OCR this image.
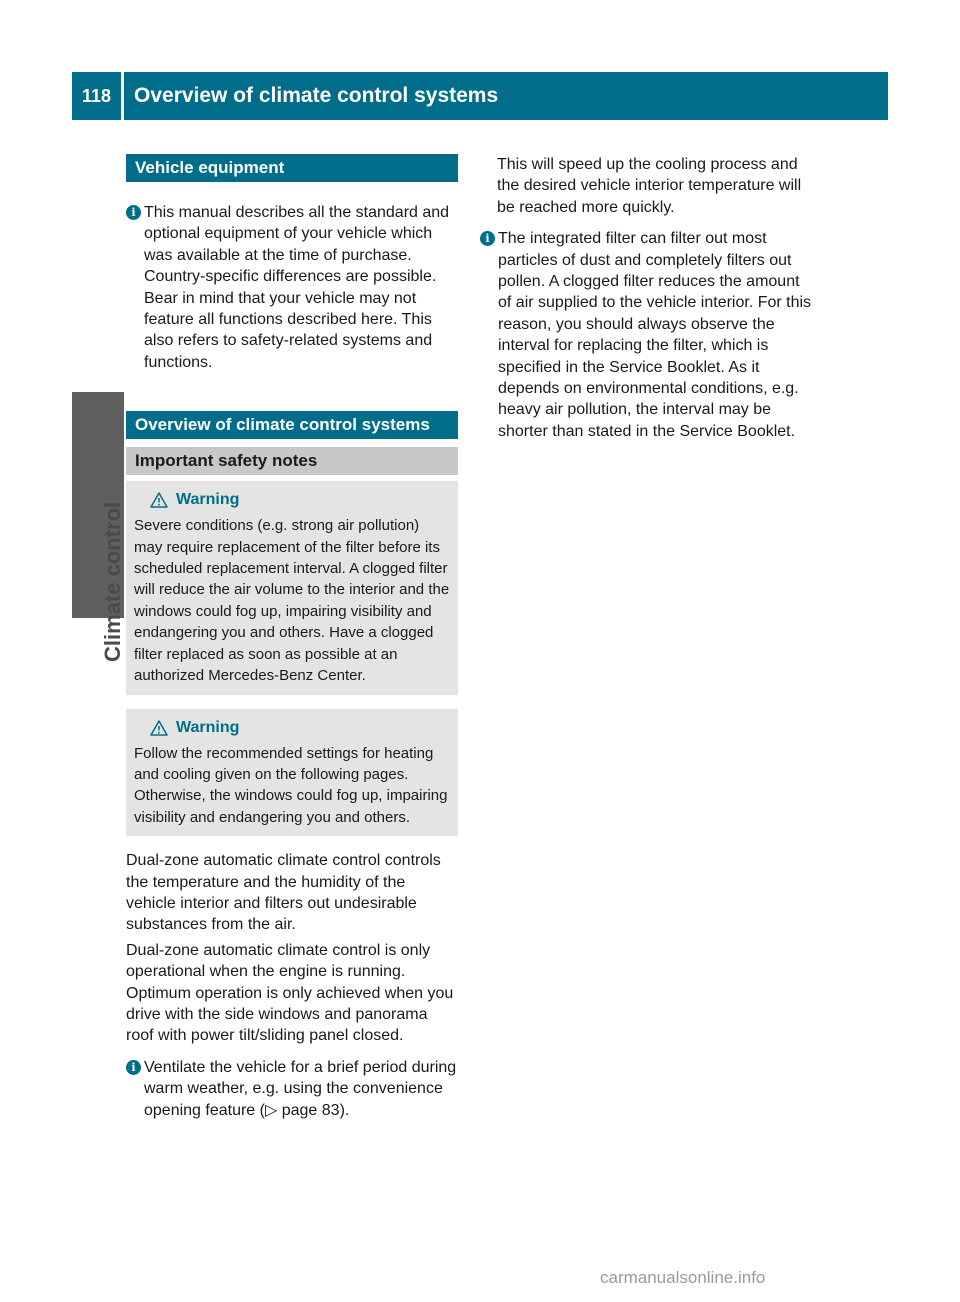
118	Overview of climate control systems
Climate control
Vehicle equipment
i This manual describes all the standard and optional equipment of your vehicle which was available at the time of purchase. Country-specific differences are possible. Bear in mind that your vehicle may not feature all functions described here. This also refers to safety-related systems and functions.
Overview of climate control systems
Important safety notes
Warning
Severe conditions (e.g. strong air pollution) may require replacement of the filter before its scheduled replacement interval. A clogged filter will reduce the air volume to the interior and the windows could fog up, impairing visibility and endangering you and others. Have a clogged filter replaced as soon as possible at an authorized Mercedes-Benz Center.
Warning
Follow the recommended settings for heating and cooling given on the following pages. Otherwise, the windows could fog up, impairing visibility and endangering you and others.

Dual-zone automatic climate control controls the temperature and the humidity of the vehicle interior and filters out undesirable substances from the air.

Dual-zone automatic climate control is only operational when the engine is running. Optimum operation is only achieved when you drive with the side windows and panorama roof with power tilt/sliding panel closed.

i Ventilate the vehicle for a brief period during warm weather, e.g. using the convenience opening feature (▷ page 83).

This will speed up the cooling process and the desired vehicle interior temperature will be reached more quickly.

i The integrated filter can filter out most particles of dust and completely filters out pollen. A clogged filter reduces the amount of air supplied to the vehicle interior. For this reason, you should always observe the interval for replacing the filter, which is specified in the Service Booklet. As it depends on environmental conditions, e.g. heavy air pollution, the interval may be shorter than stated in the Service Booklet.
carmanualsonline.info
